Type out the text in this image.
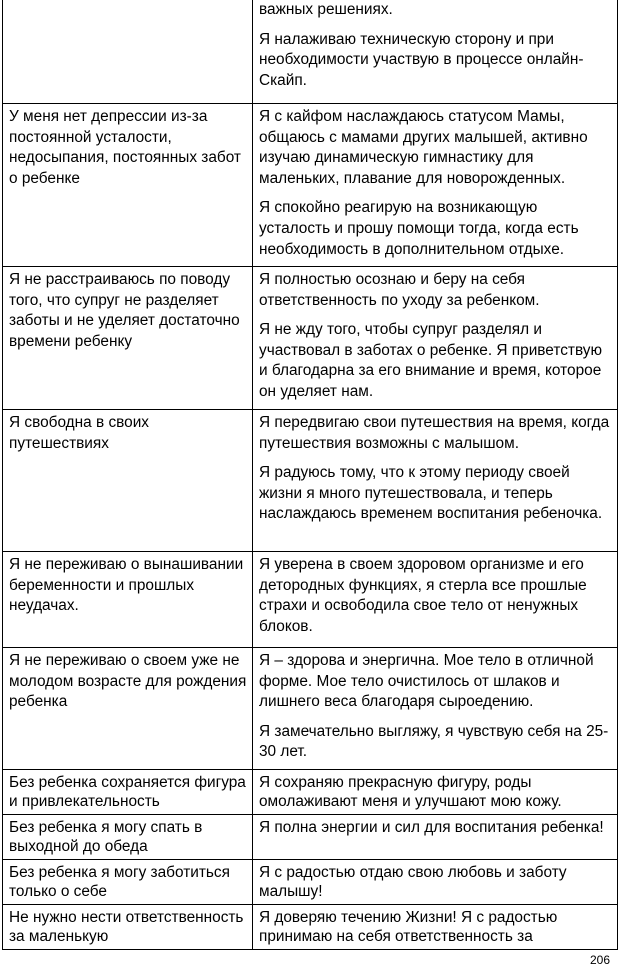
	важных решениях.
Я налаживаю техническую сторону и при необходимости участвую в процессе онлайн-Скайп.

У меня нет депрессии из-за постоянной усталости, недосыпания, постоянных забот о ребенке	Я с кайфом наслаждаюсь статусом Мамы, общаюсь с мамами других малышей, активно изучаю динамическую гимнастику для маленьких, плавание для новорожденных.
Я спокойно реагирую на возникающую усталость и прошу помощи тогда, когда есть необходимость в дополнительном отдыхе.

Я не расстраиваюсь по поводу того, что супруг не разделяет заботы и не уделяет достаточно времени ребенку	Я полностью осознаю и беру на себя ответственность по уходу за ребенком.
Я не жду того, чтобы супруг разделял и участвовал в заботах о ребенке. Я приветствую и благодарна за его внимание и время, которое он уделяет нам.

Я свободна в своих путешествиях	Я передвигаю свои путешествия на время, когда путешествия возможны с малышом.
Я радуюсь тому, что к этому периоду своей жизни я много путешествовала, и теперь наслаждаюсь временем воспитания ребеночка.

Я не переживаю о вынашивании беременности и прошлых неудачах.	Я уверена в своем здоровом организме и его детородных функциях, я стерла все прошлые страхи и освободила свое тело от ненужных блоков.

Я не переживаю о своем уже не молодом возрасте для рождения ребенка	Я – здорова и энергична. Мое тело в отличной форме. Мое тело очистилось от шлаков и лишнего веса благодаря сыроедению.
Я замечательно выгляжу, я чувствую себя на 25-30 лет.

Без ребенка сохраняется фигура и привлекательность	Я сохраняю прекрасную фигуру, роды омолаживают меня и улучшают мою кожу.

Без ребенка я могу спать в выходной до обеда	Я полна энергии и сил для воспитания ребенка!

Без ребенка я могу заботиться только о себе	Я с радостью отдаю свою любовь и заботу малышу!

Не нужно нести ответственность за маленькую	Я доверяю течению Жизни! Я с радостью принимаю на себя ответственность за
206
